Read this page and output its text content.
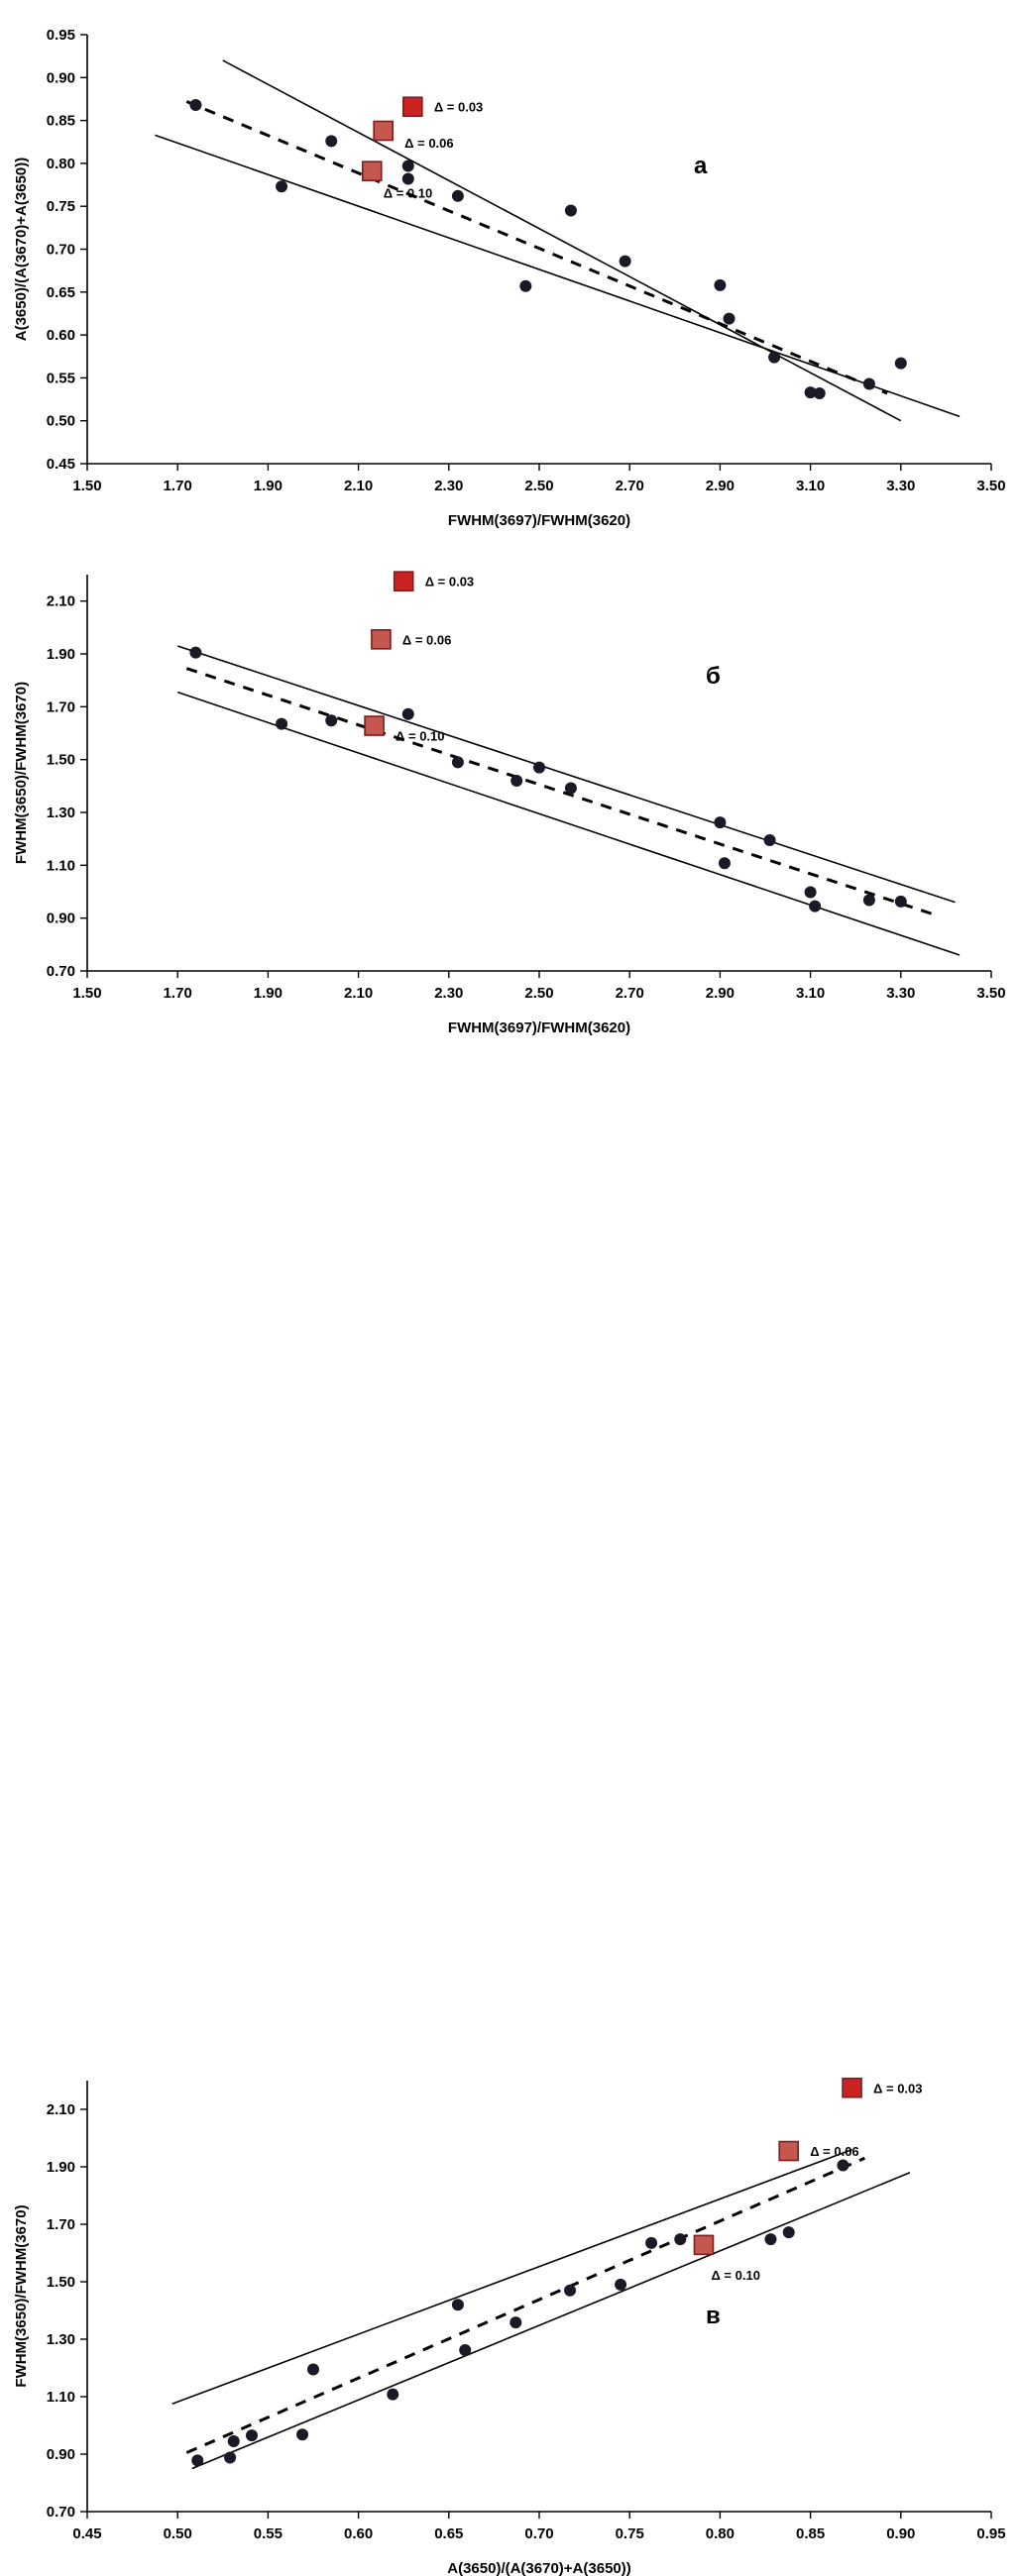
0.45
0.50
0.55
0.60
0.65
0.70
0.75
0.80
0.85
0.90
0.95
1.50	1.70	1.90	2.10	2.30	2.50	2.70	2.90	3.10	3.30	3.50
FWHM(3697)/FWHM(3620)
A(3650)/(A(3670)+A(3650))	a
Δ = 0.03
Δ = 0.06
Δ = 0.10
0.70
0.90
1.10
1.30
1.50
1.70
1.90
2.10
1.50	1.70	1.90	2.10	2.30	2.50	2.70	2.90	3.10	3.30	3.50
FWHM(3697)/FWHM(3620)
FWHM(3650)/FWHM(3670)
б
Δ = 0.03
Δ = 0.06
Δ = 0.10
0.70
0.90
1.10
1.30
1.50
1.70
1.90
2.10
0.45	0.50	0.55	0.60	0.65	0.70	0.75	0.80	0.85	0.90	0.95
A(3650)/(A(3670)+A(3650))
FWHM(3650)/FWHM(3670)	в
Δ = 0.03
Δ = 0.06
Δ = 0.10
